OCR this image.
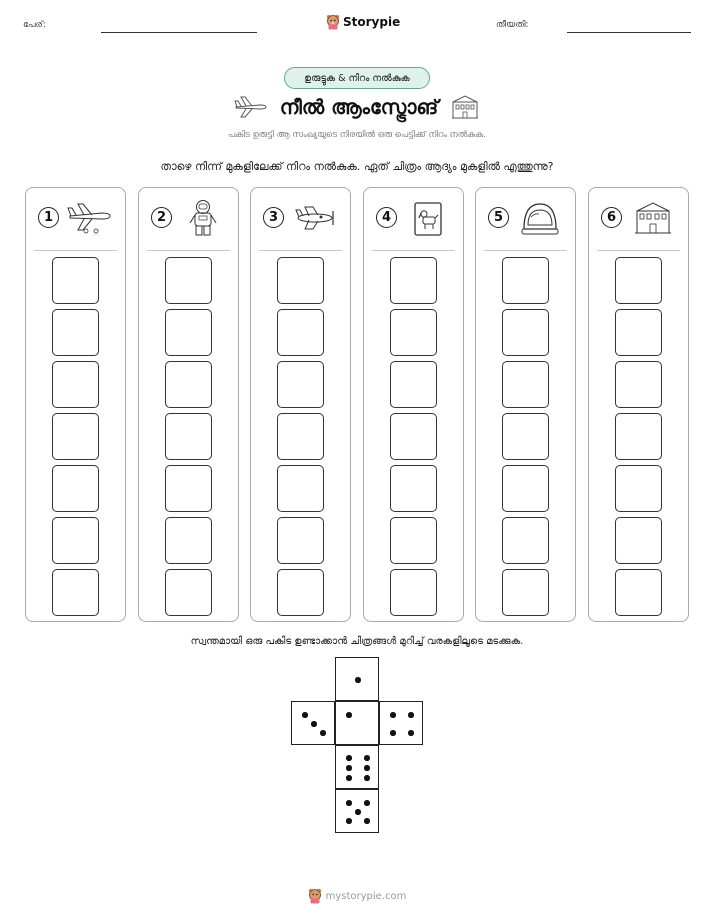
പേര്:	Storypie	തീയതി:
ഉരുട്ടുക & നിറം നൽകുക
നീൽ ആംസ്ട്രോങ്
പകിട ഉരുട്ടി ആ സംഖ്യയുടെ നിരയിൽ ഒരു പെട്ടിക്ക് നിറം നൽകുക.
താഴെ നിന്ന് മുകളിലേക്ക് നിറം നൽകുക. ഏത് ചിത്രം ആദ്യം മുകളിൽ എത്തുന്നു?
1	2	3	4	5	6
സ്വന്തമായി ഒരു പകിട ഉണ്ടാക്കാൻ ചിത്രങ്ങൾ മുറിച്ച് വരകളിലൂടെ മടക്കുക.
mystorypie.com
